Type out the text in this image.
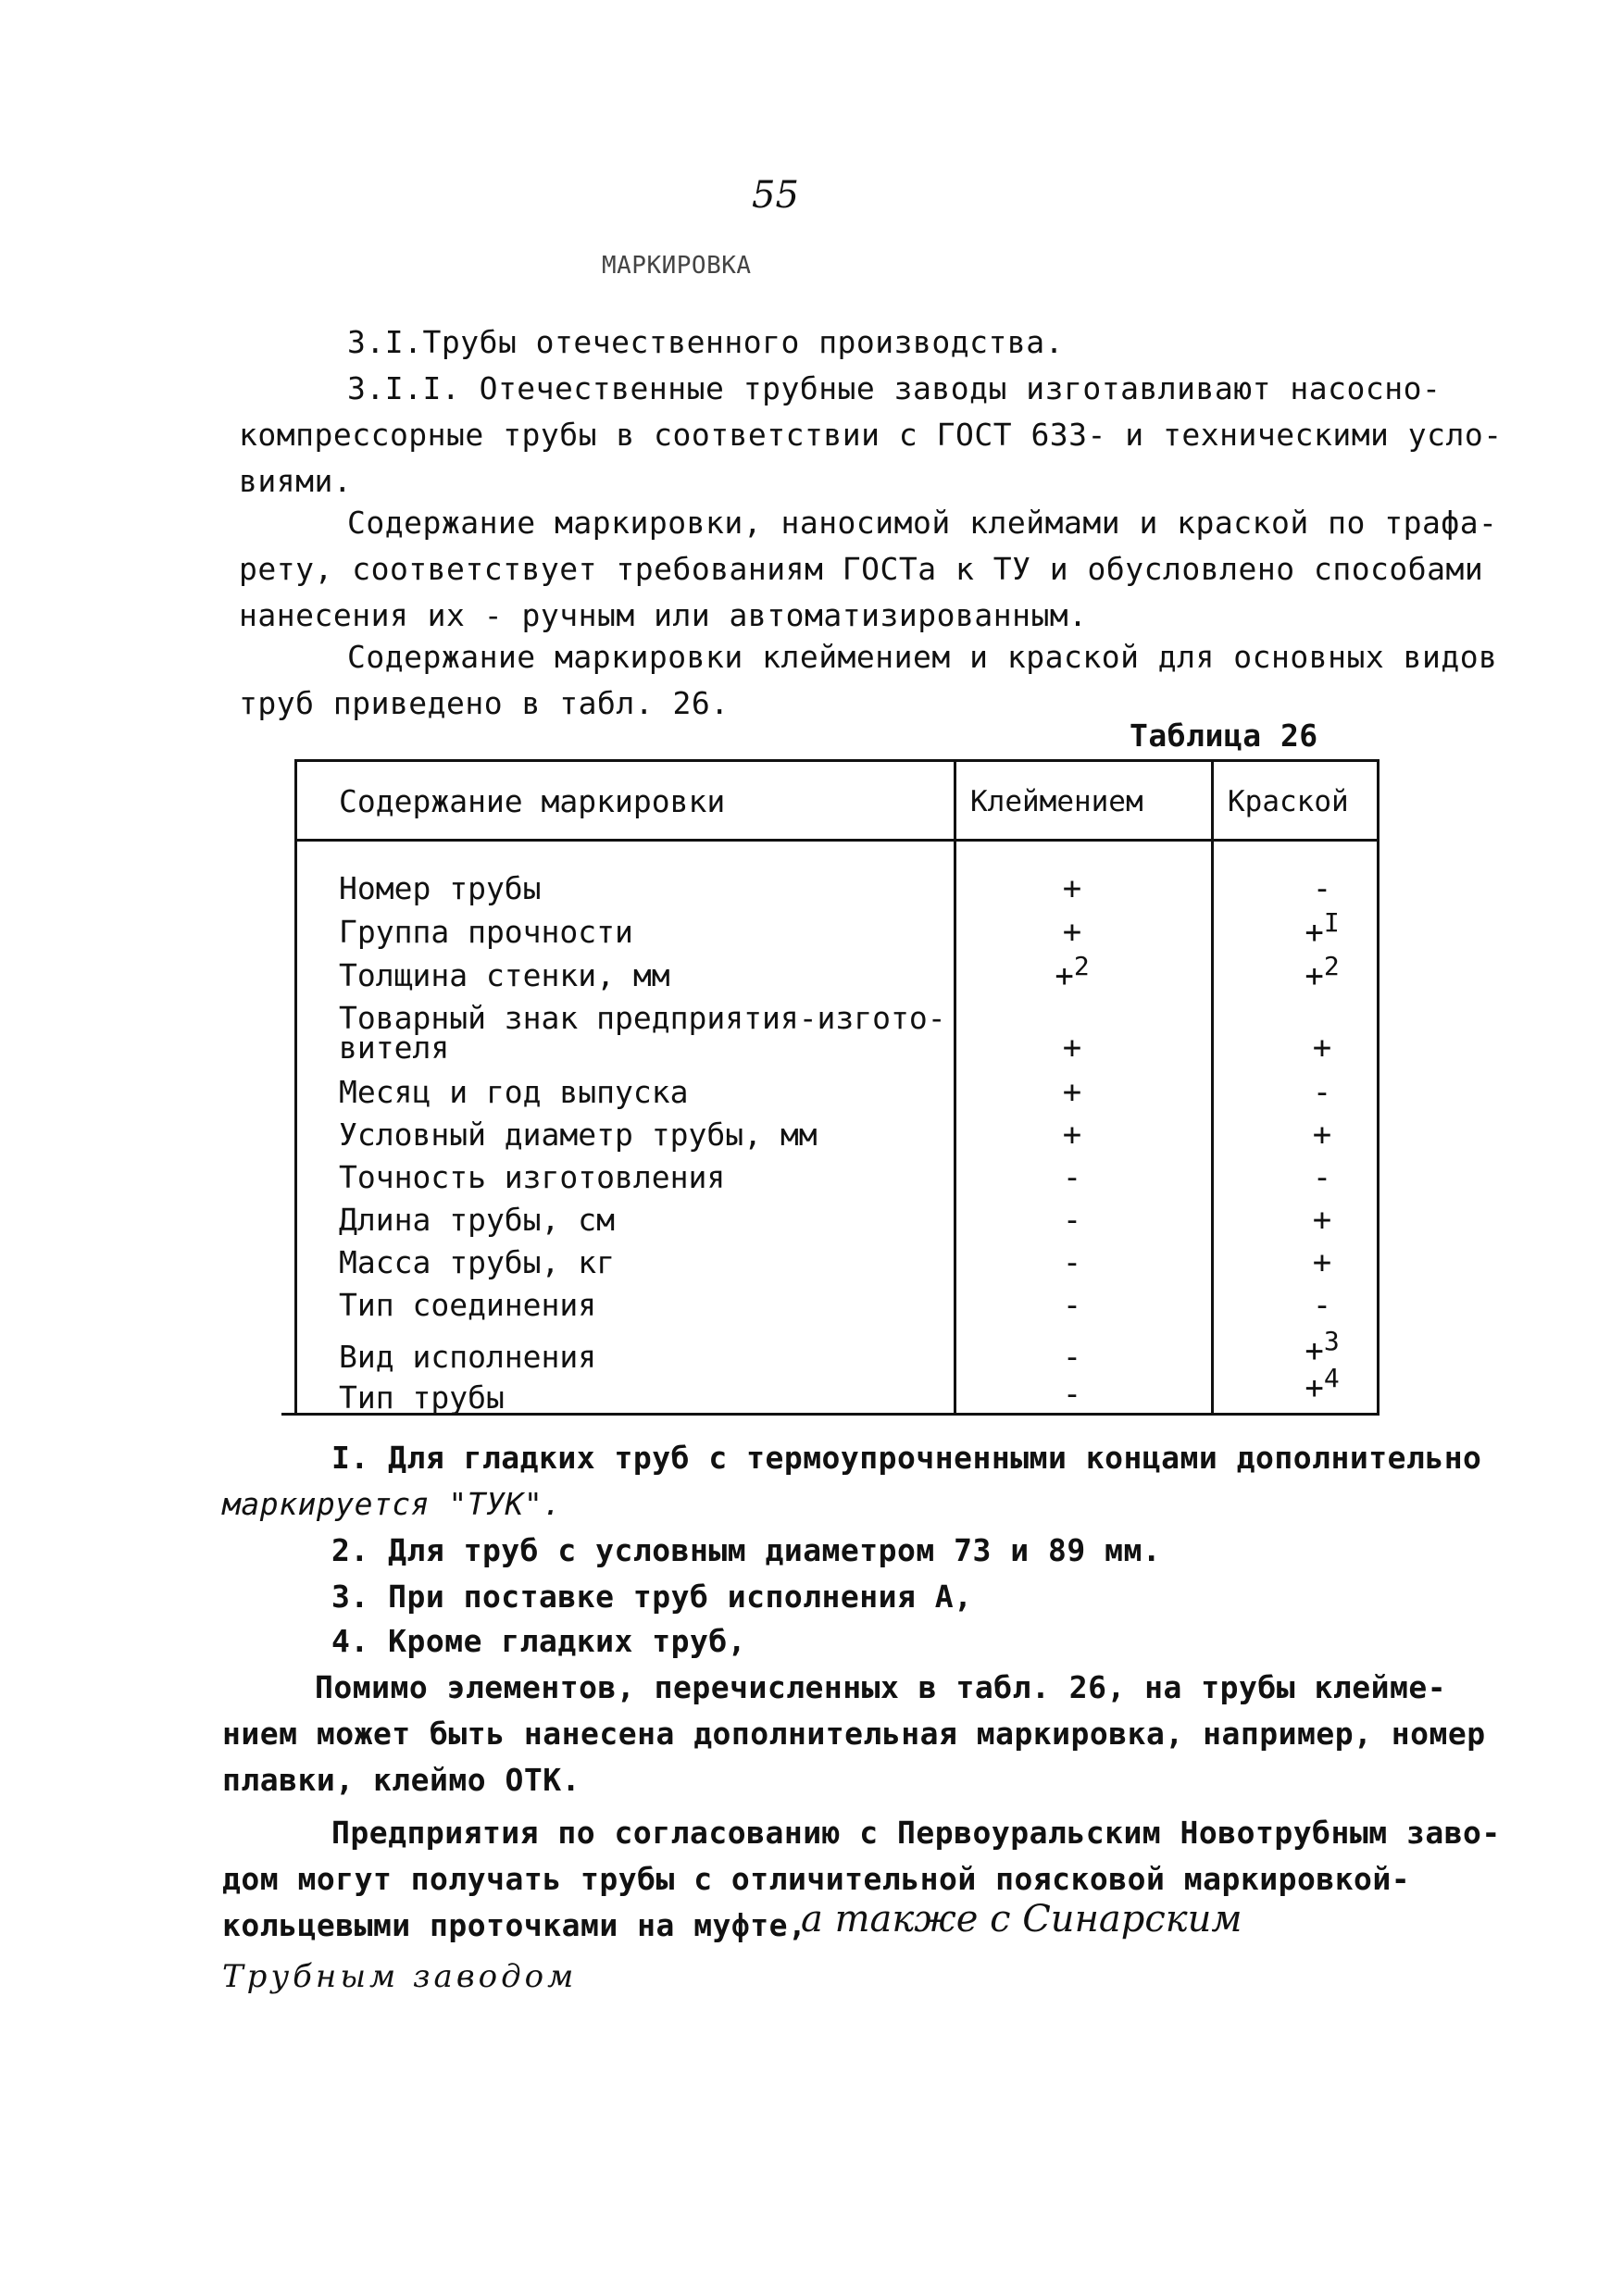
55
МАРКИРОВКА
3.I.Трубы отечественного производства.
3.I.I. Отечественные трубные заводы изготавливают насосно-
компрессорные трубы в соответствии с ГОСТ 633- и техническими усло-
виями.
Содержание маркировки, наносимой клеймами и краской по трафа-
рету, соответствует требованиям ГОСТа к ТУ и обусловлено способами
нанесения их - ручным или автоматизированным.
Содержание маркировки клеймением и краской для основных видов
труб приведено в табл. 26.
Таблица 26
Содержание маркировки	Клеймением	Краской
Номер трубы	+	-
Группа прочности	+	+$^I$
Толщина стенки, мм	+$^2$	+$^2$
Товарный знак предприятия-изгото-
вителя	+	+
Месяц и год выпуска	+	-
Условный диаметр трубы, мм	+	+
Точность изготовления	-	-
Длина трубы, см	-	+
Масса трубы, кг	-	+
Тип соединения	-	-
Вид исполнения	-	+$^3$
Тип трубы	-	+$^4$
I. Для гладких труб с термоупрочненными концами дополнительно
маркируется "ТУК".
2. Для труб с условным диаметром 73 и 89 мм.
3. При поставке труб исполнения А,
4. Кроме гладких труб,
Помимо элементов, перечисленных в табл. 26, на трубы клейме-
нием может быть нанесена дополнительная маркировка, например, номер
плавки, клеймо ОТК.
Предприятия по согласованию с Первоуральским Новотрубным заво-
дом могут получать трубы с отличительной поясковой маркировкой-
кольцевыми проточками на муфте,
а также с Синарским
Трубным заводом
